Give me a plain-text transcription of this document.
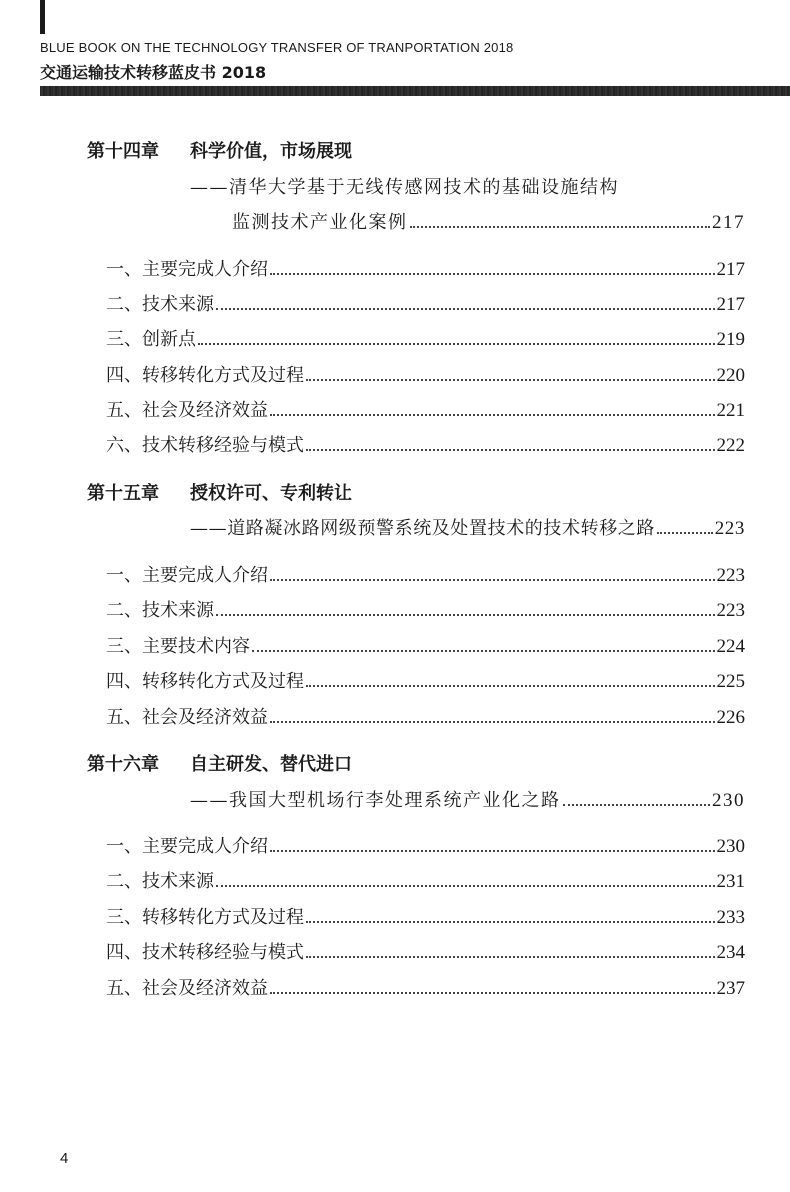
BLUE BOOK ON THE TECHNOLOGY TRANSFER OF TRANPORTATION 2018
交通运输技术转移蓝皮书 2018
第十四章 科学价值，市场展现
——清华大学基于无线传感网技术的基础设施结构
监测技术产业化案例	217
一、主要完成人介绍	217
二、技术来源	217
三、创新点	219
四、转移转化方式及过程	220
五、社会及经济效益	221
六、技术转移经验与模式	222
第十五章 授权许可、专利转让
——道路凝冰路网级预警系统及处置技术的技术转移之路	223
一、主要完成人介绍	223
二、技术来源	223
三、主要技术内容	224
四、转移转化方式及过程	225
五、社会及经济效益	226
第十六章 自主研发、替代进口
——我国大型机场行李处理系统产业化之路	230
一、主要完成人介绍	230
二、技术来源	231
三、转移转化方式及过程	233
四、技术转移经验与模式	234
五、社会及经济效益	237
4
